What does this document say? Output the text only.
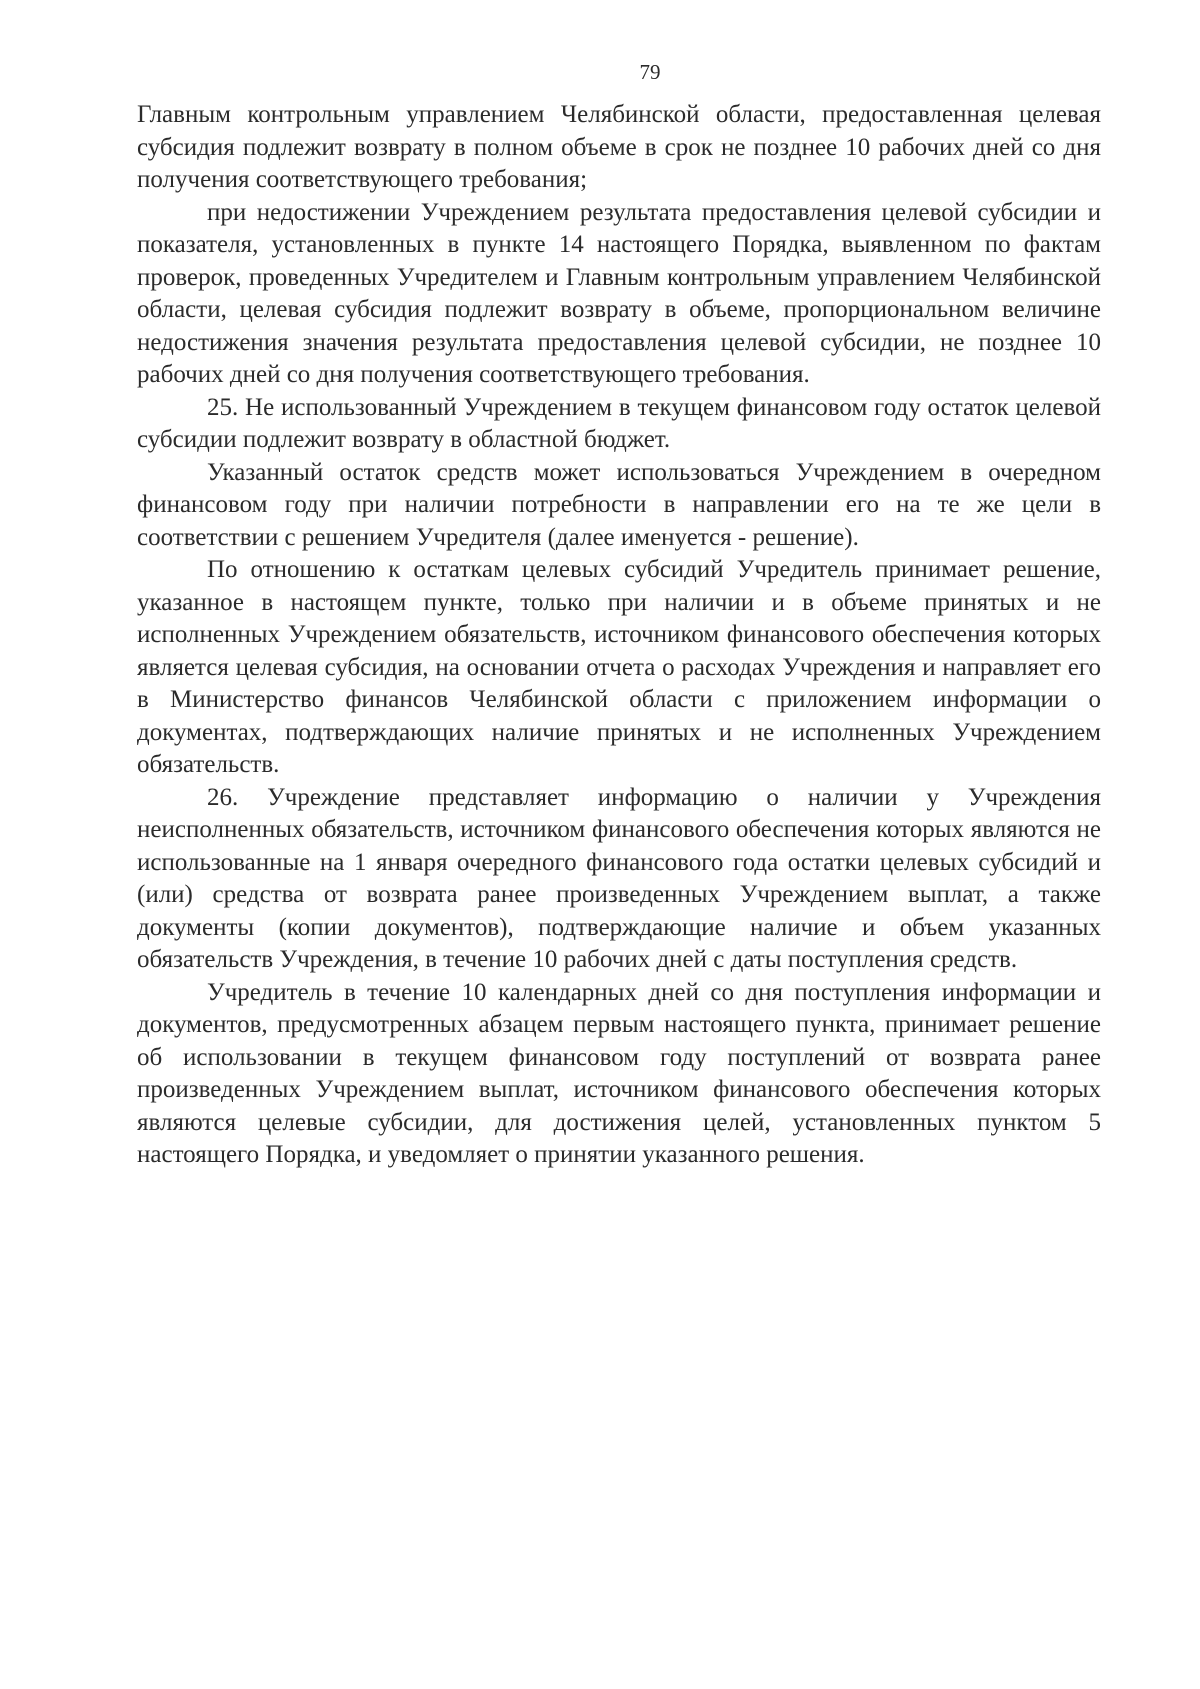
79

Главным контрольным управлением Челябинской области, предоставленная целевая субсидия подлежит возврату в полном объеме в срок не позднее 10 рабочих дней со дня получения соответствующего требования;

при недостижении Учреждением результата предоставления целевой субсидии и показателя, установленных в пункте 14 настоящего Порядка, выявленном по фактам проверок, проведенных Учредителем и Главным контрольным управлением Челябинской области, целевая субсидия подлежит возврату в объеме, пропорциональном величине недостижения значения результата предоставления целевой субсидии, не позднее 10 рабочих дней со дня получения соответствующего требования.

25. Не использованный Учреждением в текущем финансовом году остаток целевой субсидии подлежит возврату в областной бюджет.

Указанный остаток средств может использоваться Учреждением в очередном финансовом году при наличии потребности в направлении его на те же цели в соответствии с решением Учредителя (далее именуется - решение).

По отношению к остаткам целевых субсидий Учредитель принимает решение, указанное в настоящем пункте, только при наличии и в объеме принятых и не исполненных Учреждением обязательств, источником финансового обеспечения которых является целевая субсидия, на основании отчета о расходах Учреждения и направляет его в Министерство финансов Челябинской области с приложением информации о документах, подтверждающих наличие принятых и не исполненных Учреждением обязательств.

26. Учреждение представляет информацию о наличии у Учреждения неисполненных обязательств, источником финансового обеспечения которых являются не использованные на 1 января очередного финансового года остатки целевых субсидий и (или) средства от возврата ранее произведенных Учреждением выплат, а также документы (копии документов), подтверждающие наличие и объем указанных обязательств Учреждения, в течение 10 рабочих дней с даты поступления средств.

Учредитель в течение 10 календарных дней со дня поступления информации и документов, предусмотренных абзацем первым настоящего пункта, принимает решение об использовании в текущем финансовом году поступлений от возврата ранее произведенных Учреждением выплат, источником финансового обеспечения которых являются целевые субсидии, для достижения целей, установленных пунктом 5 настоящего Порядка, и уведомляет о принятии указанного решения.
